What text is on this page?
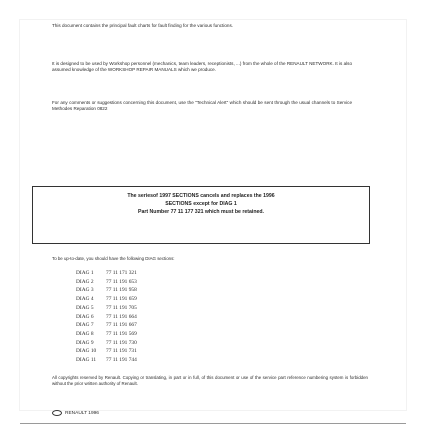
This document contains the principal fault charts for fault finding for the various functions.
It is designed to be used by Workshop personnel (mechanics, team leaders, receptionists, ...) from the whole of the RENAULT NETWORK. It is also assumed knowledge of the WORKSHOP REPAIR MANUALS which we produce.
For any comments or suggestions concerning this document, use the "Technical Alert" which should be sent through the usual channels to Service Methodes Reparation 0822
The seriesof 1997 SECTIONS cancels and replaces the 1996
SECTIONS except for DIAG 1
Part Number 77 11 177 321 which must be retained.
To be up-to-date, you should have the following DIAG sections:
DIAG 1	77 11 171 321
DIAG 2	77 11 191 653
DIAG 3	77 11 191 958
DIAG 4	77 11 191 659
DIAG 5	77 11 191 705
DIAG 6	77 11 191 664
DIAG 7	77 11 191 667
DIAG 8	77 11 191 569
DIAG 9	77 11 191 730
DIAG 10	77 11 191 731
DIAG 11	77 11 191 744
All copyrights reserved by Renault. Copying or translating, in part or in full, of this document or use of the service part reference numbering system is forbidden without the prior written authority of Renault.
RENAULT 1996
